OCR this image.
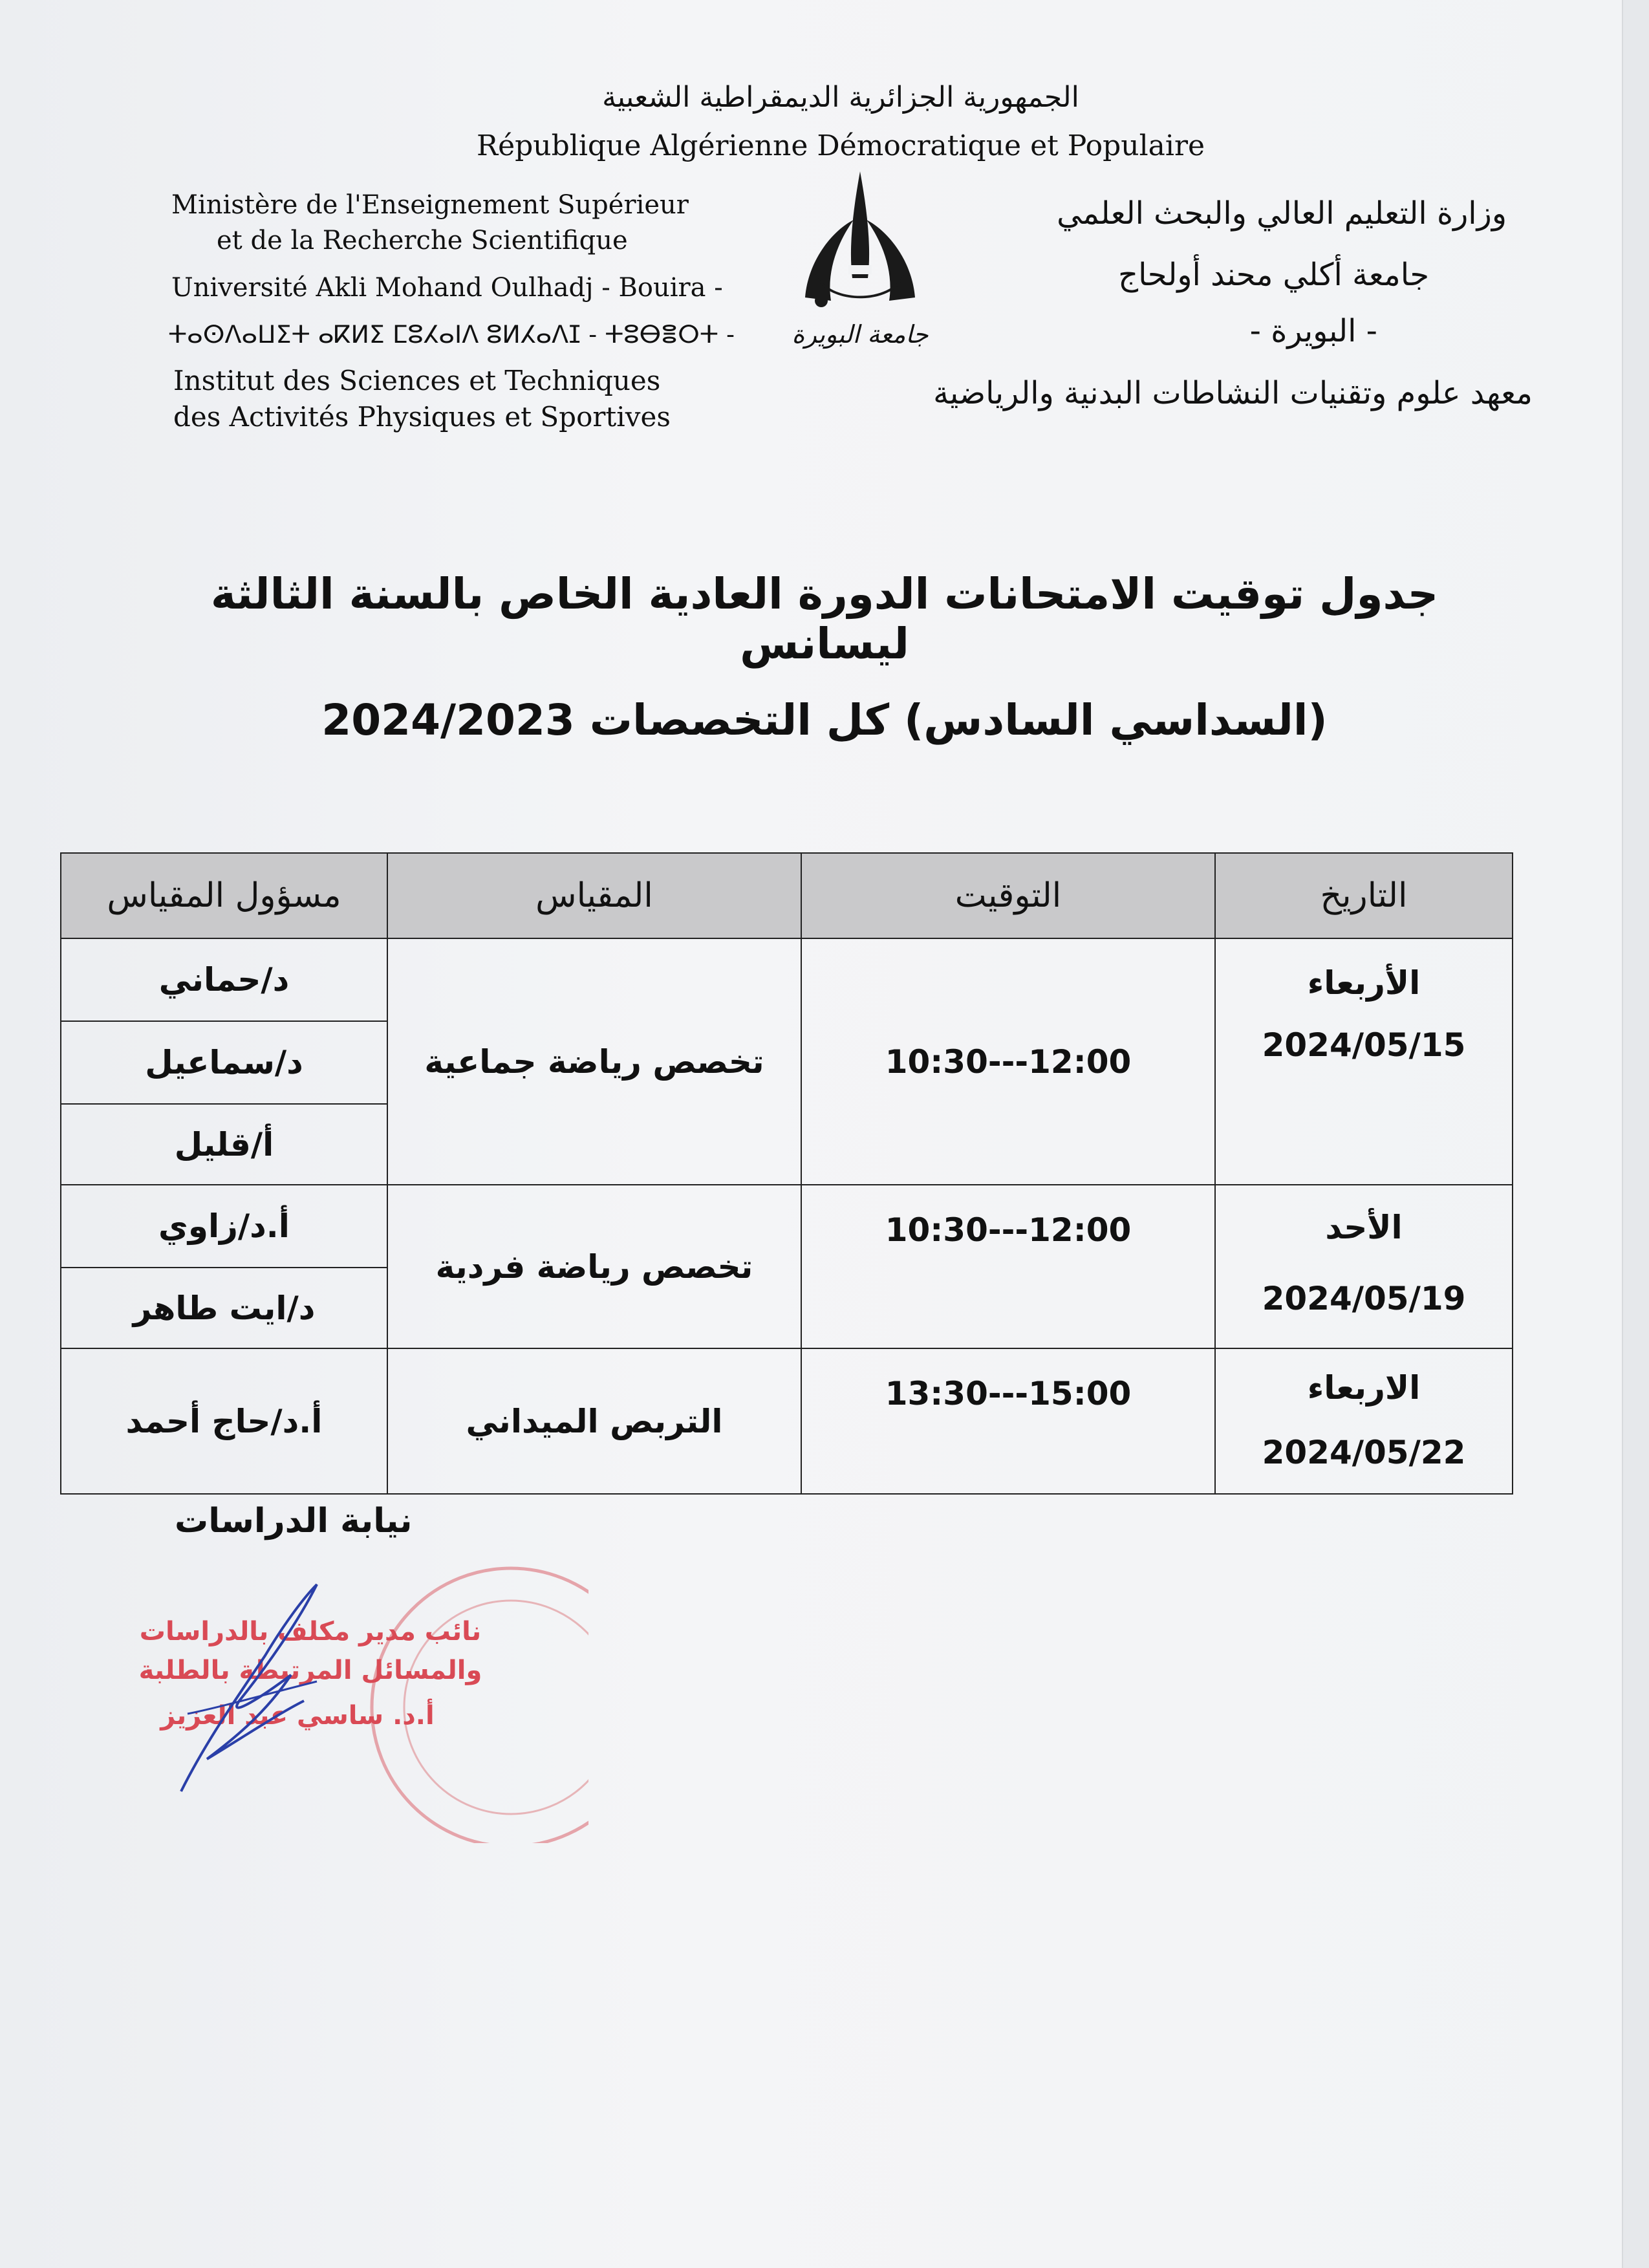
الجمهورية الجزائرية الديمقراطية الشعبية
République Algérienne Démocratique et Populaire
Ministère de l'Enseignement Supérieur
et de la Recherche Scientifique
Université Akli Mohand Oulhadj - Bouira -
ⵜⴰⵙⴷⴰⵡⵉⵜ ⴰⴽⵍⵉ ⵎⵓⵃⴰⵏⴷ ⵓⵍⵃⴰⴷⵊ - ⵜⵓⴱⴻⵔⵜ -
Institut des Sciences et Techniques
des Activités Physiques et Sportives
وزارة التعليم العالي والبحث العلمي
جامعة أكلي محند أولحاج
- البويرة -
معهد علوم وتقنيات النشاطات البدنية والرياضية
جامعة البويرة
جدول توقيت الامتحانات الدورة العادية الخاص بالسنة الثالثة ليسانس
(السداسي السادس) كل التخصصات 2024/2023
التاريخ	التوقيت	المقياس	مسؤول المقياس

الأربعاء
2024/05/15	10:30---12:00	تخصص رياضة جماعية	د/حماني
			د/سماعيل
			أ/قليل

الأحد
2024/05/19	10:30---12:00	تخصص رياضة فردية	أ.د/زاوي
			د/ايت طاهر

الاربعاء
2024/05/22	13:30---15:00	التربص الميداني	أ.د/حاج أحمد
نيابة الدراسات
نائب مدير مكلف بالدراسات
والمسائل المرتبطة بالطلبة
أ.د. ساسي عبد العزيز
